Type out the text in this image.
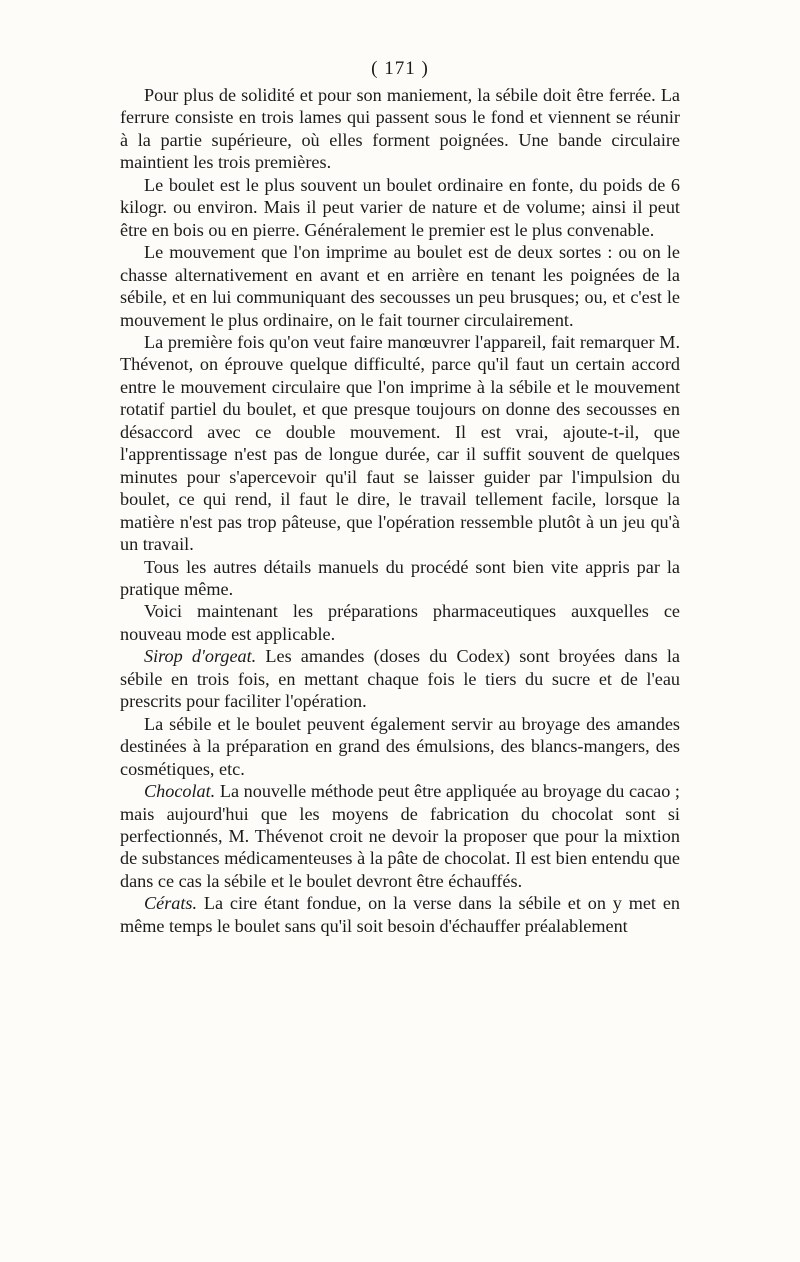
( 171 )

Pour plus de solidité et pour son maniement, la sébile doit être ferrée. La ferrure consiste en trois lames qui passent sous le fond et viennent se réunir à la partie supérieure, où elles forment poignées. Une bande circulaire maintient les trois premières.

Le boulet est le plus souvent un boulet ordinaire en fonte, du poids de 6 kilogr. ou environ. Mais il peut varier de nature et de volume; ainsi il peut être en bois ou en pierre. Généralement le premier est le plus convenable.

Le mouvement que l'on imprime au boulet est de deux sortes : ou on le chasse alternativement en avant et en arrière en tenant les poignées de la sébile, et en lui communiquant des secousses un peu brusques; ou, et c'est le mouvement le plus ordinaire, on le fait tourner circulairement.

La première fois qu'on veut faire manœuvrer l'appareil, fait remarquer M. Thévenot, on éprouve quelque difficulté, parce qu'il faut un certain accord entre le mouvement circulaire que l'on imprime à la sébile et le mouvement rotatif partiel du boulet, et que presque toujours on donne des secousses en désaccord avec ce double mouvement. Il est vrai, ajoute-t-il, que l'apprentissage n'est pas de longue durée, car il suffit souvent de quelques minutes pour s'apercevoir qu'il faut se laisser guider par l'impulsion du boulet, ce qui rend, il faut le dire, le travail tellement facile, lorsque la matière n'est pas trop pâteuse, que l'opération ressemble plutôt à un jeu qu'à un travail.

Tous les autres détails manuels du procédé sont bien vite appris par la pratique même.

Voici maintenant les préparations pharmaceutiques auxquelles ce nouveau mode est applicable.

Sirop d'orgeat. Les amandes (doses du Codex) sont broyées dans la sébile en trois fois, en mettant chaque fois le tiers du sucre et de l'eau prescrits pour faciliter l'opération.

La sébile et le boulet peuvent également servir au broyage des amandes destinées à la préparation en grand des émulsions, des blancs-mangers, des cosmétiques, etc.

Chocolat. La nouvelle méthode peut être appliquée au broyage du cacao ; mais aujourd'hui que les moyens de fabrication du chocolat sont si perfectionnés, M. Thévenot croit ne devoir la proposer que pour la mixtion de substances médicamenteuses à la pâte de chocolat. Il est bien entendu que dans ce cas la sébile et le boulet devront être échauffés.

Cérats. La cire étant fondue, on la verse dans la sébile et on y met en même temps le boulet sans qu'il soit besoin d'échauffer préalablement
